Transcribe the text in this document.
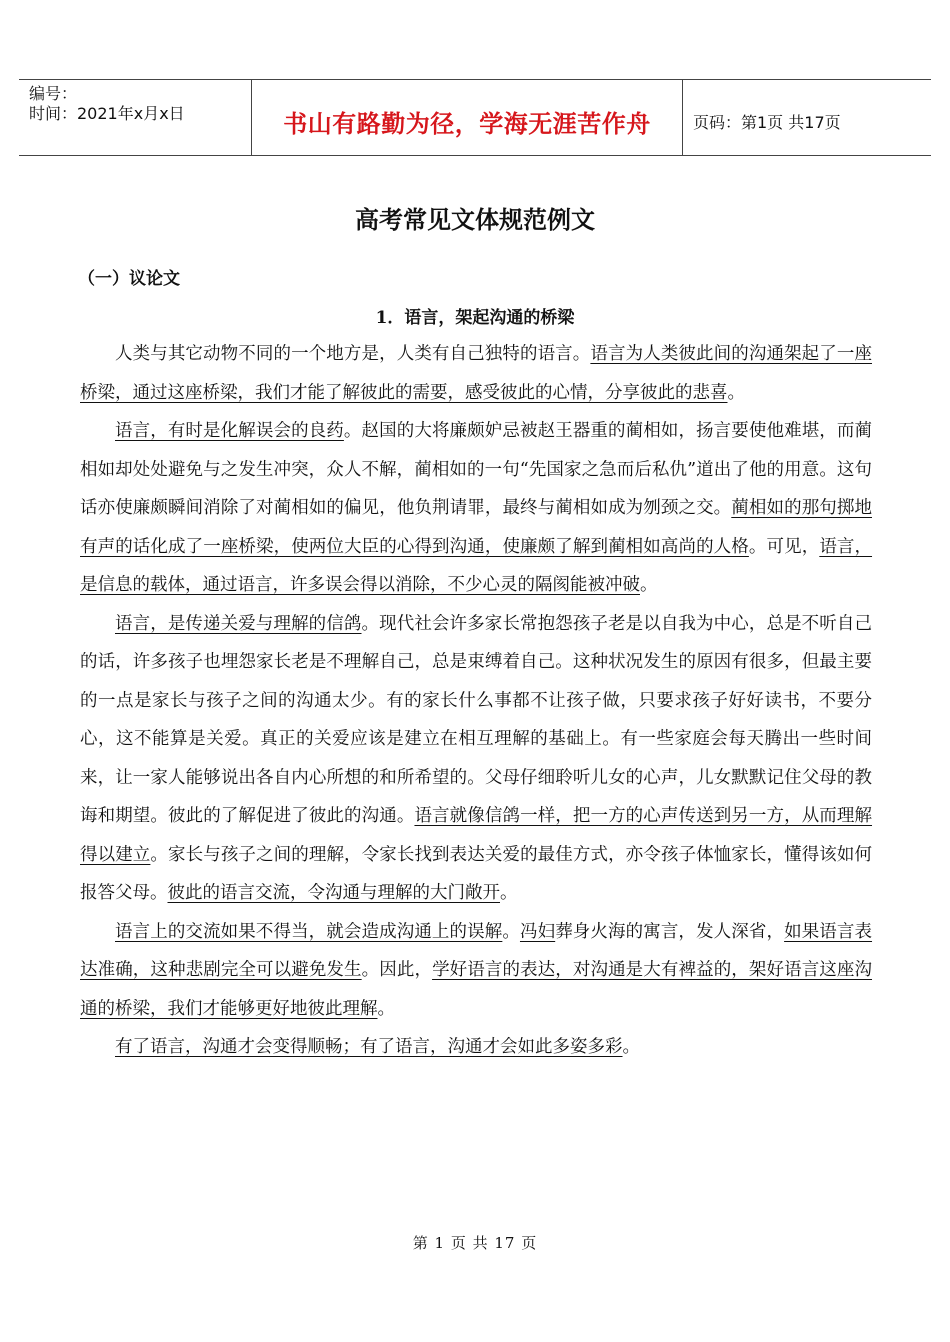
编号：
时间：2021年x月x日	书山有路勤为径，学海无涯苦作舟	页码：第1页 共17页
高考常见文体规范例文
（一）议论文
1．语言，架起沟通的桥梁

人类与其它动物不同的一个地方是，人类有自己独特的语言。语言为人类彼此间的沟通架起了一座桥梁，通过这座桥梁，我们才能了解彼此的需要，感受彼此的心情，分享彼此的悲喜。

语言，有时是化解误会的良药。赵国的大将廉颇妒忌被赵王器重的蔺相如，扬言要使他难堪，而蔺相如却处处避免与之发生冲突，众人不解，蔺相如的一句“先国家之急而后私仇”道出了他的用意。这句话亦使廉颇瞬间消除了对蔺相如的偏见，他负荆请罪，最终与蔺相如成为刎颈之交。蔺相如的那句掷地有声的话化成了一座桥梁，使两位大臣的心得到沟通，使廉颇了解到蔺相如高尚的人格。可见，语言，是信息的载体，通过语言，许多误会得以消除，不少心灵的隔阂能被冲破。

语言，是传递关爱与理解的信鸽。现代社会许多家长常抱怨孩子老是以自我为中心，总是不听自己的话，许多孩子也埋怨家长老是不理解自己，总是束缚着自己。这种状况发生的原因有很多，但最主要的一点是家长与孩子之间的沟通太少。有的家长什么事都不让孩子做，只要求孩子好好读书，不要分心，这不能算是关爱。真正的关爱应该是建立在相互理解的基础上。有一些家庭会每天腾出一些时间来，让一家人能够说出各自内心所想的和所希望的。父母仔细聆听儿女的心声，儿女默默记住父母的教诲和期望。彼此的了解促进了彼此的沟通。语言就像信鸽一样，把一方的心声传送到另一方，从而理解得以建立。家长与孩子之间的理解，令家长找到表达关爱的最佳方式，亦令孩子体恤家长，懂得该如何报答父母。彼此的语言交流，令沟通与理解的大门敞开。

语言上的交流如果不得当，就会造成沟通上的误解。冯妇葬身火海的寓言，发人深省，如果语言表达准确，这种悲剧完全可以避免发生。因此，学好语言的表达，对沟通是大有裨益的，架好语言这座沟通的桥梁，我们才能够更好地彼此理解。

有了语言，沟通才会变得顺畅；有了语言，沟通才会如此多姿多彩。

第 1 页 共 17 页
